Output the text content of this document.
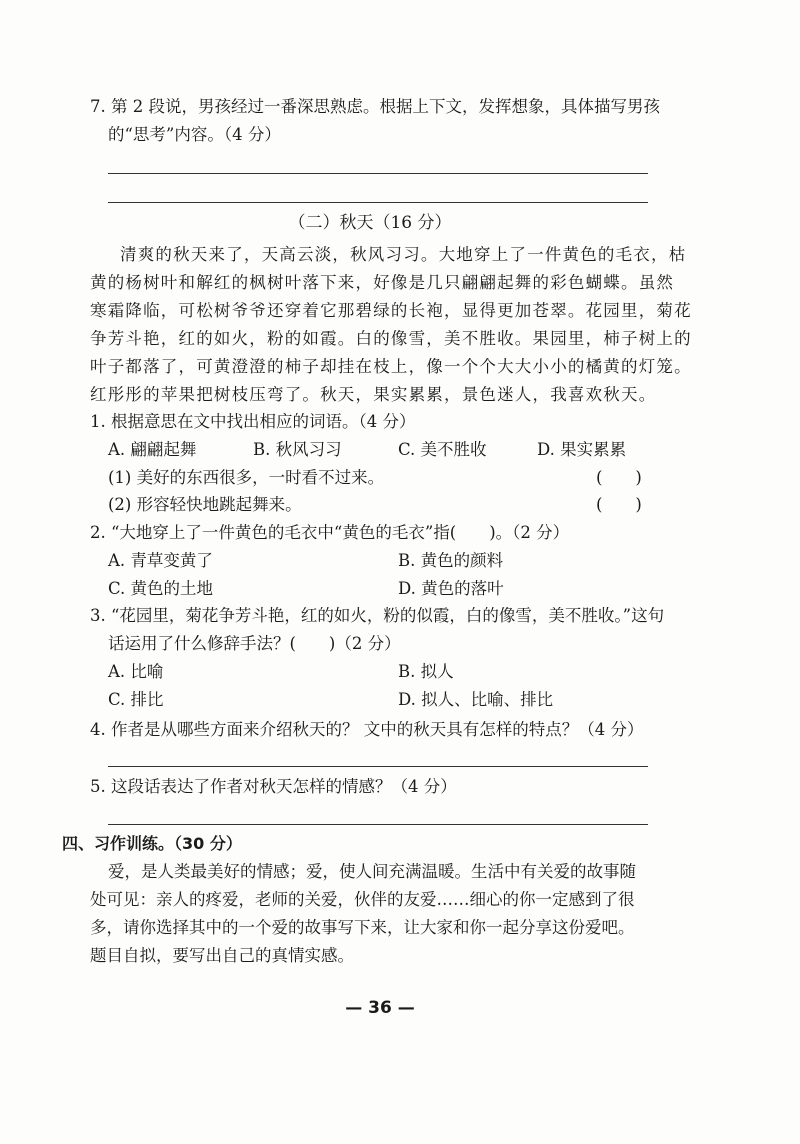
7. 第 2 段说，男孩经过一番深思熟虑。根据上下文，发挥想象，具体描写男孩
的“思考”内容。（4 分）
（二）秋天（16 分）
清爽的秋天来了，天高云淡，秋风习习。大地穿上了一件黄色的毛衣，枯
黄的杨树叶和解红的枫树叶落下来，好像是几只翩翩起舞的彩色蝴蝶。虽然
寒霜降临，可松树爷爷还穿着它那碧绿的长袍，显得更加苍翠。花园里，菊花
争芳斗艳，红的如火，粉的如霞。白的像雪，美不胜收。果园里，柿子树上的
叶子都落了，可黄澄澄的柿子却挂在枝上，像一个个大大小小的橘黄的灯笼。
红彤彤的苹果把树枝压弯了。秋天，果实累累，景色迷人，我喜欢秋天。
1. 根据意思在文中找出相应的词语。（4 分）
A. 翩翩起舞	B. 秋风习习	C. 美不胜收	D. 果实累累
(1) 美好的东西很多，一时看不过来。	(　　)
(2) 形容轻快地跳起舞来。	(　　)
2. “大地穿上了一件黄色的毛衣中“黄色的毛衣”指(　　)。（2 分）
A. 青草变黄了	B. 黄色的颜料
C. 黄色的土地	D. 黄色的落叶
3. “花园里，菊花争芳斗艳，红的如火，粉的似霞，白的像雪，美不胜收。”这句
话运用了什么修辞手法？(　　)（2 分）
A. 比喻	B. 拟人
C. 排比	D. 拟人、比喻、排比
4. 作者是从哪些方面来介绍秋天的？ 文中的秋天具有怎样的特点？（4 分）
5. 这段话表达了作者对秋天怎样的情感？（4 分）
四、习作训练。（30 分）
爱，是人类最美好的情感；爱，使人间充满温暖。生活中有关爱的故事随
处可见：亲人的疼爱，老师的关爱，伙伴的友爱……细心的你一定感到了很
多，请你选择其中的一个爱的故事写下来，让大家和你一起分享这份爱吧。
题目自拟，要写出自己的真情实感。
— 36 —
